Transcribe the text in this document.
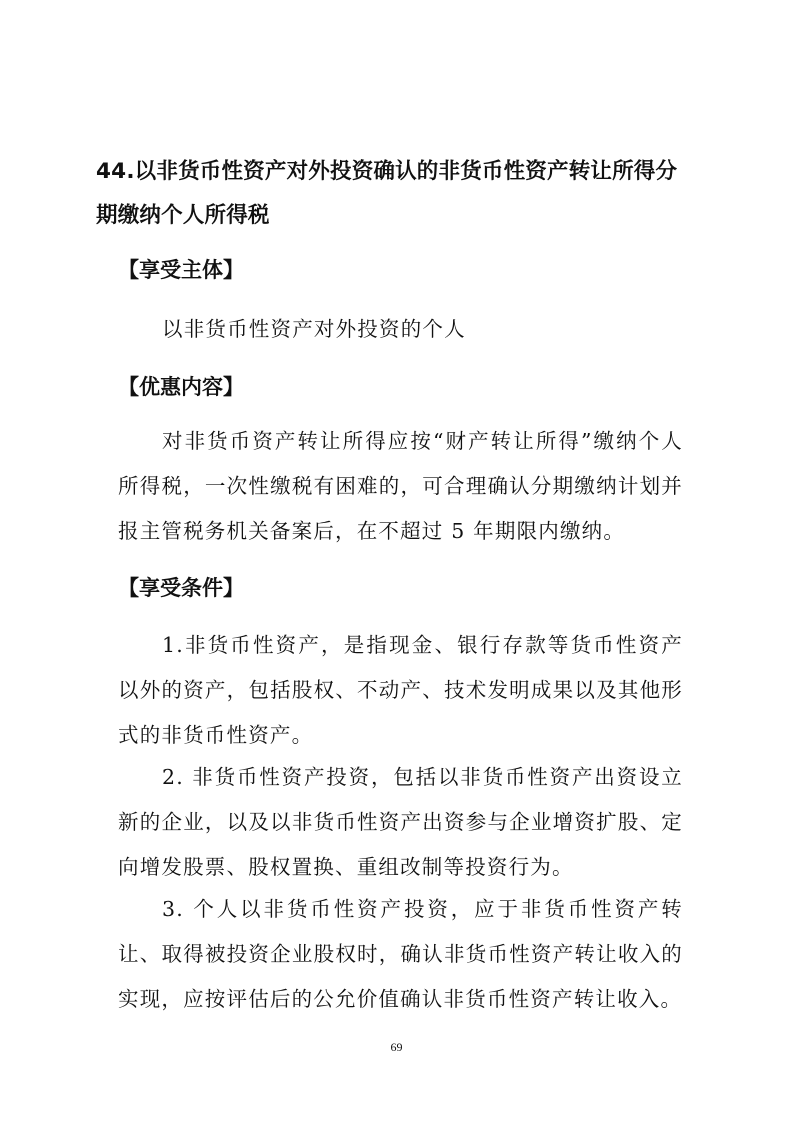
44.以非货币性资产对外投资确认的非货币性资产转让所得分期缴纳个人所得税
【享受主体】

以非货币性资产对外投资的个人

【优惠内容】

对非货币资产转让所得应按“财产转让所得”缴纳个人所得税，一次性缴税有困难的，可合理确认分期缴纳计划并报主管税务机关备案后，在不超过 5 年期限内缴纳。

【享受条件】

1.非货币性资产，是指现金、银行存款等货币性资产以外的资产，包括股权、不动产、技术发明成果以及其他形式的非货币性资产。

2. 非货币性资产投资，包括以非货币性资产出资设立新的企业，以及以非货币性资产出资参与企业增资扩股、定向增发股票、股权置换、重组改制等投资行为。

3. 个人以非货币性资产投资，应于非货币性资产转让、取得被投资企业股权时，确认非货币性资产转让收入的实现，应按评估后的公允价值确认非货币性资产转让收入。

69
